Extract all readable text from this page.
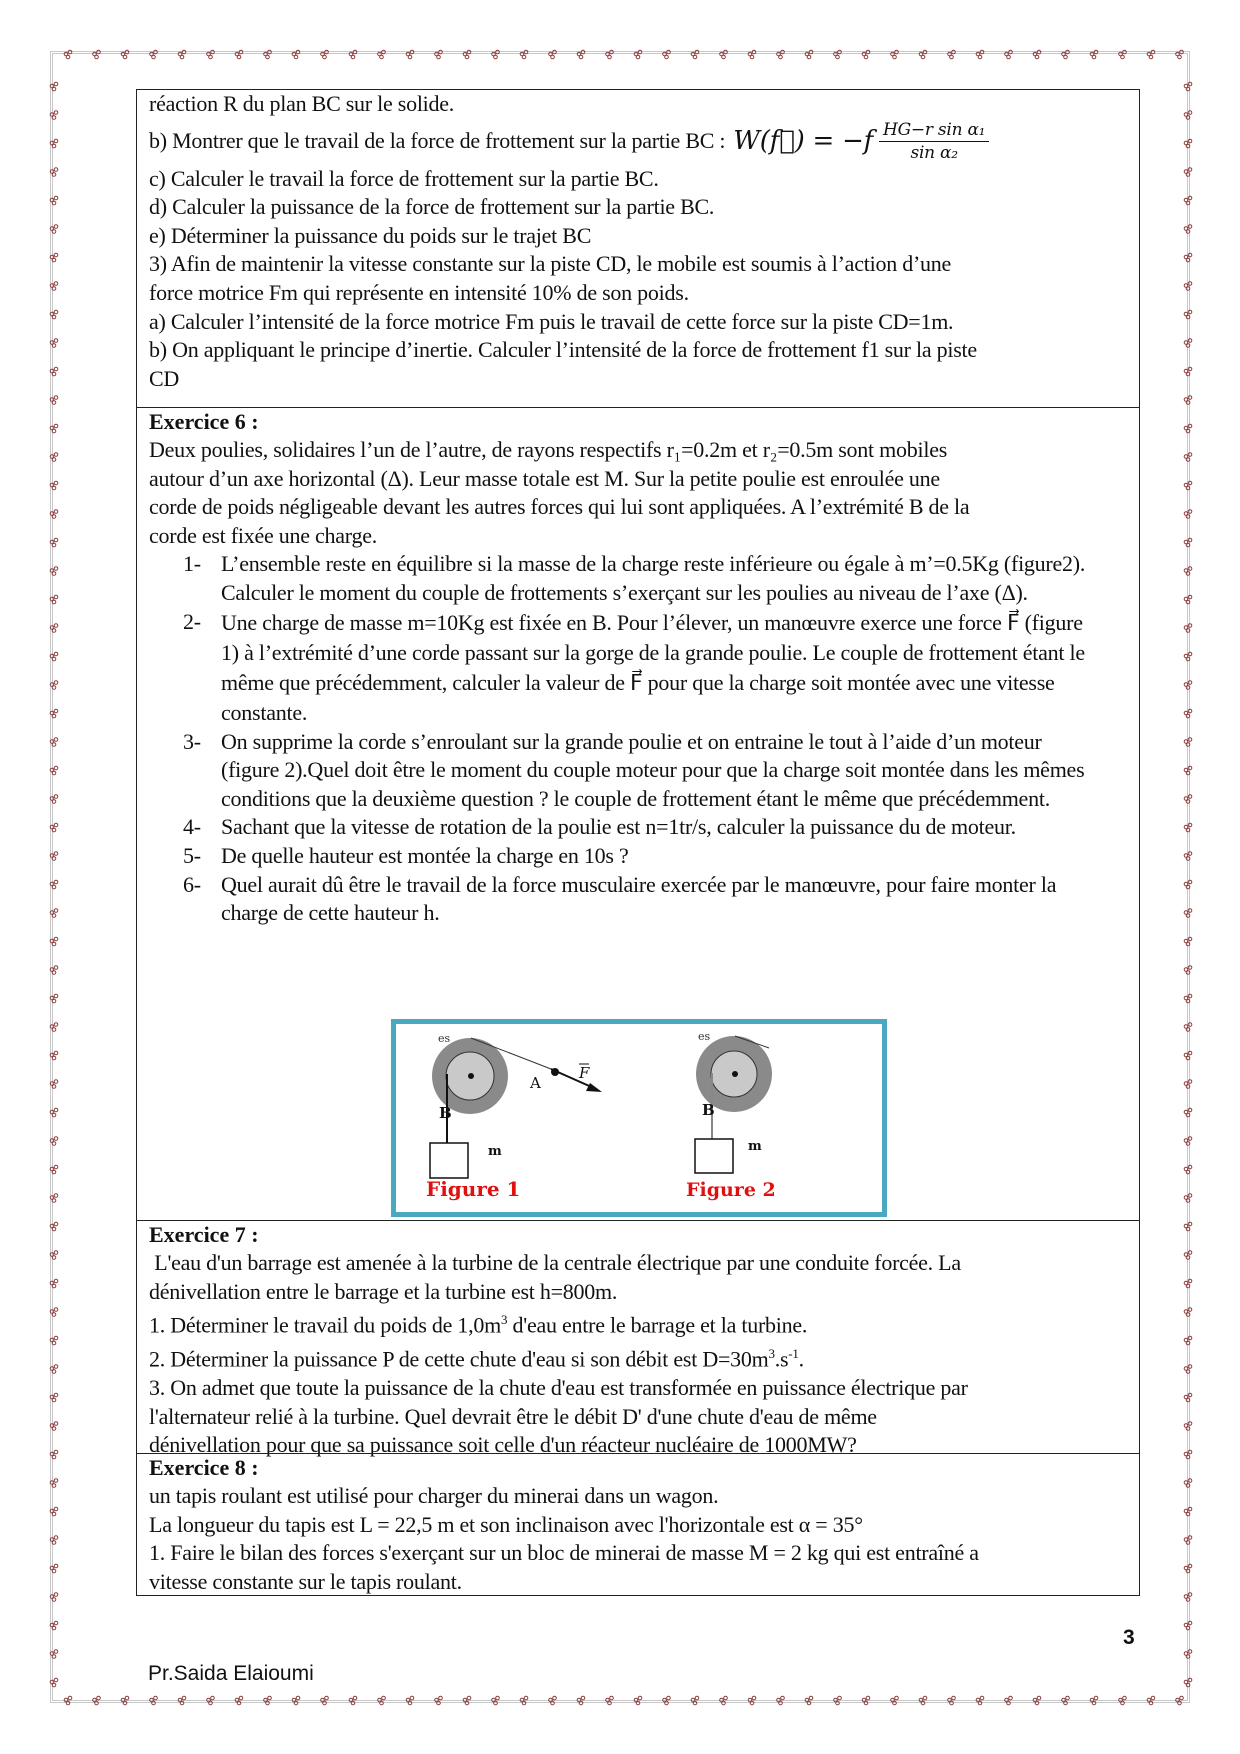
réaction R du plan BC sur le solide.
b) Montrer que le travail de la force de frottement sur la partie BC : W(f⃗) = $-f \frac{\text{HG−r sin α₁}}{\text{sin α₂}}$
c) Calculer le travail la force de frottement sur la partie BC.
d) Calculer la puissance de la force de frottement sur la partie BC.
e) Déterminer la puissance du poids sur le trajet BC
3) Afin de maintenir la vitesse constante sur la piste CD, le mobile est soumis à l’action d’une
force motrice Fm qui représente en intensité 10% de son poids.
a) Calculer l’intensité de la force motrice Fm puis le travail de cette force sur la piste CD=1m.
b) On appliquant le principe d’inertie. Calculer l’intensité de la force de frottement f1 sur la piste
CD
Exercice 6 :
Deux poulies, solidaires l’un de l’autre, de rayons respectifs r₁=0.2m et r₂=0.5m sont mobiles
autour d’un axe horizontal (Δ). Leur masse totale est M. Sur la petite poulie est enroulée une
corde de poids négligeable devant les autres forces qui lui sont appliquées. A l’extrémité B de la
corde est fixée une charge.
1- L’ensemble reste en équilibre si la masse de la charge reste inférieure ou égale à m’=0.5Kg (figure2). Calculer le moment du couple de frottements s’exerçant sur les poulies au niveau de l’axe (Δ).
2- Une charge de masse m=10Kg est fixée en B. Pour l’élever, un manœuvre exerce une force F⃗ (figure 1) à l’extrémité d’une corde passant sur la gorge de la grande poulie. Le couple de frottement étant le même que précédemment, calculer la valeur de F⃗ pour que la charge soit montée avec une vitesse constante.
3- On supprime la corde s’enroulant sur la grande poulie et on entraine le tout à l’aide d’un moteur (figure 2).Quel doit être le moment du couple moteur pour que la charge soit montée dans les mêmes conditions que la deuxième question ? le couple de frottement étant le même que précédemment.
4- Sachant que la vitesse de rotation de la poulie est n=1tr/s, calculer la puissance du de moteur.
5- De quelle hauteur est montée la charge en 10s ?
6- Quel aurait dû être le travail de la force musculaire exercée par le manœuvre, pour faire monter la charge de cette hauteur h.
B
A
F
m
es
Figure 1
B
m
es
Figure 2
Exercice 7 :
L'eau d'un barrage est amenée à la turbine de la centrale électrique par une conduite forcée. La
dénivellation entre le barrage et la turbine est h=800m.
1. Déterminer le travail du poids de $1,0m^3$ d'eau entre le barrage et la turbine.
2. Déterminer la puissance P de cette chute d'eau si son débit est $D=30m^3.s^{-1}$.
3. On admet que toute la puissance de la chute d'eau est transformée en puissance électrique par
l'alternateur relié à la turbine. Quel devrait être le débit D' d'une chute d'eau de même
dénivellation pour que sa puissance soit celle d'un réacteur nucléaire de 1000MW?
Exercice 8 :
un tapis roulant est utilisé pour charger du minerai dans un wagon.
La longueur du tapis est L = 22,5 m et son inclinaison avec l'horizontale est α = 35°
1. Faire le bilan des forces s'exerçant sur un bloc de minerai de masse M = 2 kg qui est entraîné a
vitesse constante sur le tapis roulant.
3
Pr.Saida Elaioumi
